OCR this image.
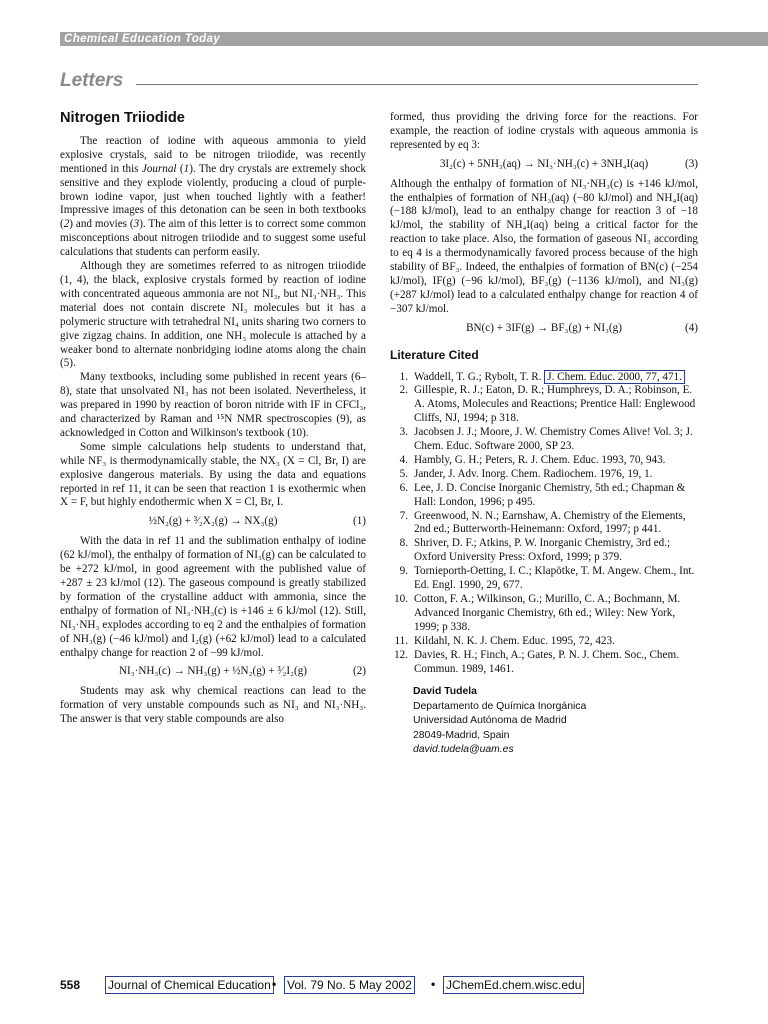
Chemical Education Today
Letters
Nitrogen Triiodide

The reaction of iodine with aqueous ammonia to yield explosive crystals, said to be nitrogen triiodide, was recently mentioned in this Journal (1). The dry crystals are extremely shock sensitive and they explode violently, producing a cloud of purple-brown iodine vapor, just when touched lightly with a feather! Impressive images of this detonation can be seen in both textbooks (2) and movies (3). The aim of this letter is to correct some common misconceptions about nitrogen triiodide and to suggest some useful calculations that students can perform easily.

Although they are sometimes referred to as nitrogen triiodide (1, 4), the black, explosive crystals formed by reaction of iodine with concentrated aqueous ammonia are not NI₃, but NI₃·NH₃. This material does not contain discrete NI₃ molecules but it has a polymeric structure with tetrahedral NI₄ units sharing two corners to give zigzag chains. In addition, one NH₃ molecule is attached by a weaker bond to alternate nonbridging iodine atoms along the chain (5).

Many textbooks, including some published in recent years (6–8), state that unsolvated NI₃ has not been isolated. Nevertheless, it was prepared in 1990 by reaction of boron nitride with IF in CFCl₃, and characterized by Raman and ¹⁵N NMR spectroscopies (9), as acknowledged in Cotton and Wilkinson's textbook (10).

Some simple calculations help students to understand that, while NF₃ is thermodynamically stable, the NX₃ (X = Cl, Br, I) are explosive dangerous materials. By using the data and equations reported in ref 11, it can be seen that reaction 1 is exothermic when X = F, but highly endothermic when X = Cl, Br, I.

½N₂(g) + ³⁄₂X₂(g) → NX₃(g)	(1)

With the data in ref 11 and the sublimation enthalpy of iodine (62 kJ/mol), the enthalpy of formation of NI₃(g) can be calculated to be +272 kJ/mol, in good agreement with the published value of +287 ± 23 kJ/mol (12). The gaseous compound is greatly stabilized by formation of the crystalline adduct with ammonia, since the enthalpy of formation of NI₃·NH₃(c) is +146 ± 6 kJ/mol (12). Still, NI₃·NH₃ explodes according to eq 2 and the enthalpies of formation of NH₃(g) (−46 kJ/mol) and I₂(g) (+62 kJ/mol) lead to a calculated enthalpy change for reaction 2 of −99 kJ/mol.

NI₃·NH₃(c) → NH₃(g) + ½N₂(g) + ³⁄₂I₂(g)	(2)

Students may ask why chemical reactions can lead to the formation of very unstable compounds such as NI₃ and NI₃·NH₃. The answer is that very stable compounds are also

formed, thus providing the driving force for the reactions. For example, the reaction of iodine crystals with aqueous ammonia is represented by eq 3:

3I₂(c) + 5NH₃(aq) → NI₃·NH₃(c) + 3NH₄I(aq)	(3)

Although the enthalpy of formation of NI₃·NH₃(c) is +146 kJ/mol, the enthalpies of formation of NH₃(aq) (−80 kJ/mol) and NH₄I(aq) (−188 kJ/mol), lead to an enthalpy change for reaction 3 of −18 kJ/mol, the stability of NH₄I(aq) being a critical factor for the reaction to take place. Also, the formation of gaseous NI₃ according to eq 4 is a thermodynamically favored process because of the high stability of BF₃. Indeed, the enthalpies of formation of BN(c) (−254 kJ/mol), IF(g) (−96 kJ/mol), BF₃(g) (−1136 kJ/mol), and NI₃(g) (+287 kJ/mol) lead to a calculated enthalpy change for reaction 4 of −307 kJ/mol.

BN(c) + 3IF(g) → BF₃(g) + NI₃(g)	(4)
Literature Cited
1. Waddell, T. G.; Rybolt, T. R. J. Chem. Educ. 2000, 77, 471.
2. Gillespie, R. J.; Eaton, D. R.; Humphreys, D. A.; Robinson, E. A. Atoms, Molecules and Reactions; Prentice Hall: Englewood Cliffs, NJ, 1994; p 318.
3. Jacobsen J. J.; Moore, J. W. Chemistry Comes Alive! Vol. 3; J. Chem. Educ. Software 2000, SP 23.
4. Hambly, G. H.; Peters, R. J. Chem. Educ. 1993, 70, 943.
5. Jander, J. Adv. Inorg. Chem. Radiochem. 1976, 19, 1.
6. Lee, J. D. Concise Inorganic Chemistry, 5th ed.; Chapman & Hall: London, 1996; p 495.
7. Greenwood, N. N.; Earnshaw, A. Chemistry of the Elements, 2nd ed.; Butterworth-Heinemann: Oxford, 1997; p 441.
8. Shriver, D. F.; Atkins, P. W. Inorganic Chemistry, 3rd ed.; Oxford University Press: Oxford, 1999; p 379.
9. Tornieporth-Oetting, I. C.; Klapötke, T. M. Angew. Chem., Int. Ed. Engl. 1990, 29, 677.
10. Cotton, F. A.; Wilkinson, G.; Murillo, C. A.; Bochmann, M. Advanced Inorganic Chemistry, 6th ed.; Wiley: New York, 1999; p 338.
11. Kildahl, N. K. J. Chem. Educ. 1995, 72, 423.
12. Davies, R. H.; Finch, A.; Gates, P. N. J. Chem. Soc., Chem. Commun. 1989, 1461.
David Tudela
Departamento de Química Inorgánica
Universidad Autónoma de Madrid
28049-Madrid, Spain
david.tudela@uam.es
558 Journal of Chemical Education • Vol. 79 No. 5 May 2002 • JChemEd.chem.wisc.edu
